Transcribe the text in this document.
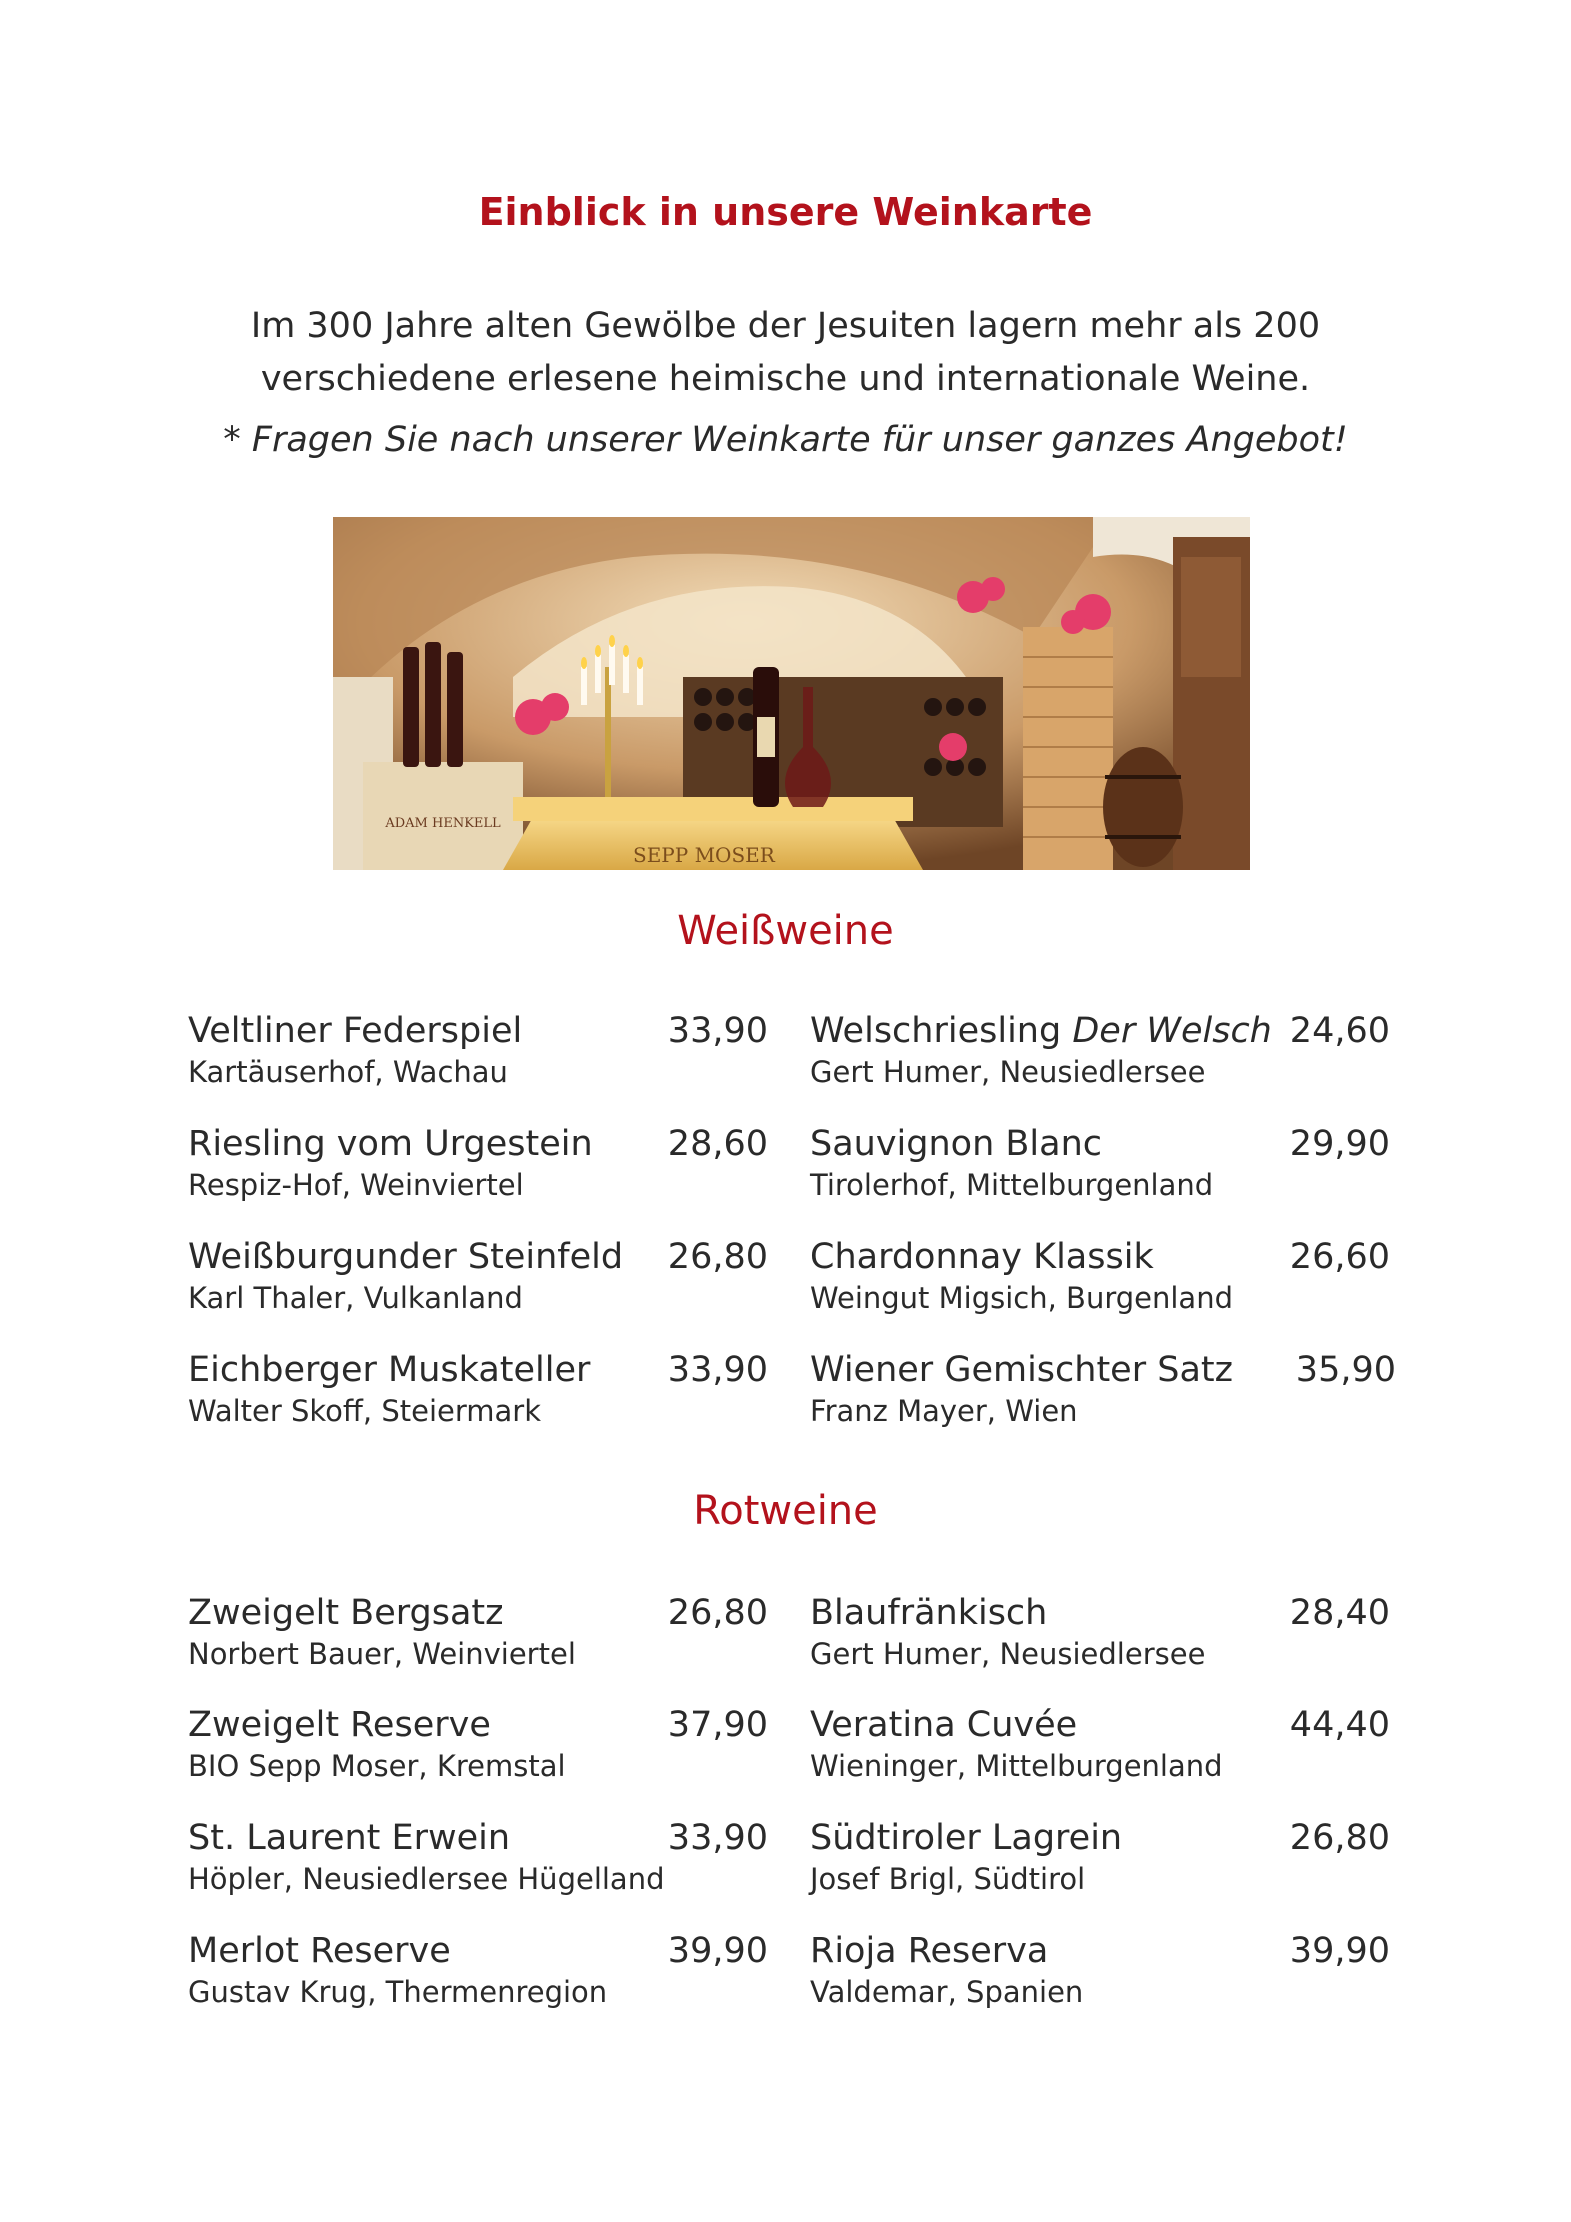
Einblick in unsere Weinkarte
Im 300 Jahre alten Gewölbe der Jesuiten lagern mehr als 200
verschiedene erlesene heimische und internationale Weine.
* Fragen Sie nach unserer Weinkarte für unser ganzes Angebot!
ADAM HENKELL
SEPP MOSER
Weißweine
Veltliner Federspiel
Kartäuserhof, Wachau
33,90 Welschriesling Der Welsch
Gert Humer, Neusiedlersee
24,60
Riesling vom Urgestein
Respiz-Hof, Weinviertel
28,60 Sauvignon Blanc
Tirolerhof, Mittelburgenland
29,90
Weißburgunder Steinfeld
Karl Thaler, Vulkanland
26,80 Chardonnay Klassik
Weingut Migsich, Burgenland
26,60
Eichberger Muskateller
Walter Skoff, Steiermark
33,90 Wiener Gemischter Satz
Franz Mayer, Wien
35,90
Rotweine
Zweigelt Bergsatz
Norbert Bauer, Weinviertel
26,80 Blaufränkisch
Gert Humer, Neusiedlersee
28,40
Zweigelt Reserve
BIO Sepp Moser, Kremstal
37,90 Veratina Cuvée
Wieninger, Mittelburgenland
44,40
St. Laurent Erwein
Höpler, Neusiedlersee Hügelland
33,90 Südtiroler Lagrein
Josef Brigl, Südtirol
26,80
Merlot Reserve
Gustav Krug, Thermenregion
39,90 Rioja Reserva
Valdemar, Spanien
39,90
